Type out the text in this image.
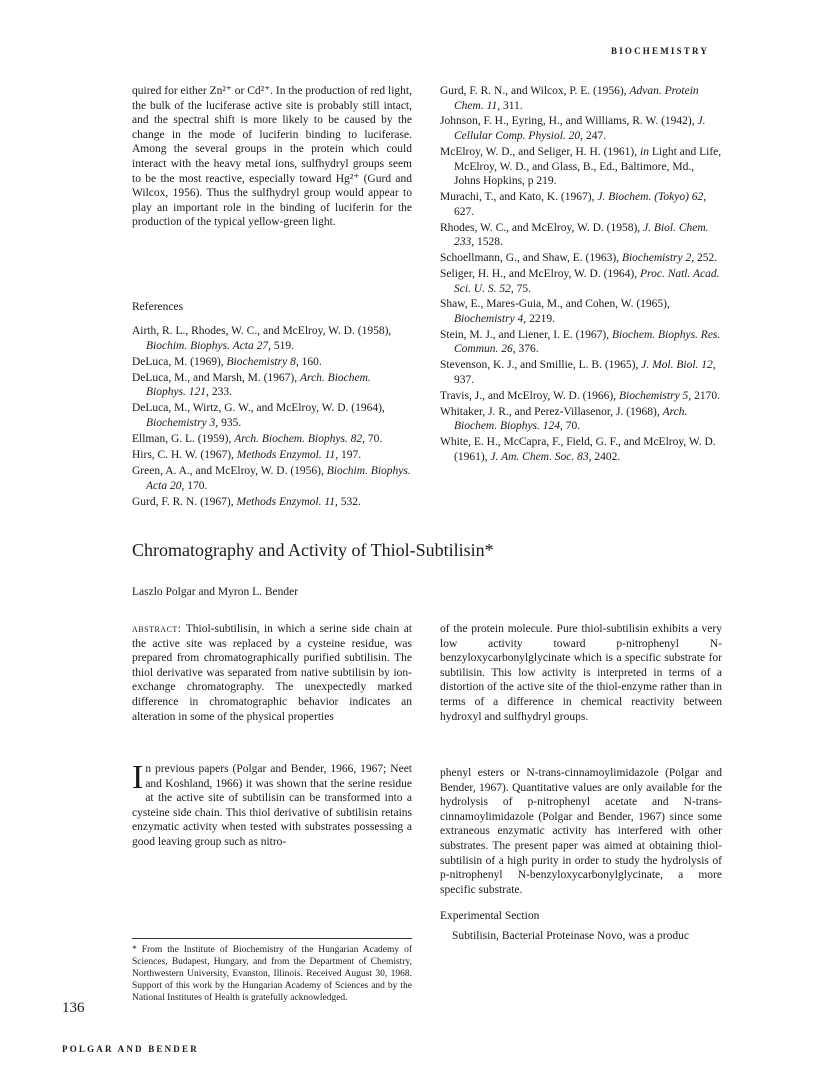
BIOCHEMISTRY
quired for either Zn²⁺ or Cd²⁺. In the production of red light, the bulk of the luciferase active site is probably still intact, and the spectral shift is more likely to be caused by the change in the mode of luciferin binding to luciferase. Among the several groups in the protein which could interact with the heavy metal ions, sulfhydryl groups seem to be the most reactive, especially toward Hg²⁺ (Gurd and Wilcox, 1956). Thus the sulfhydryl group would appear to play an important role in the binding of luciferin for the production of the typical yellow-green light.
References
Airth, R. L., Rhodes, W. C., and McElroy, W. D. (1958), Biochim. Biophys. Acta 27, 519.
DeLuca, M. (1969), Biochemistry 8, 160.
DeLuca, M., and Marsh, M. (1967), Arch. Biochem. Biophys. 121, 233.
DeLuca, M., Wirtz, G. W., and McElroy, W. D. (1964), Biochemistry 3, 935.
Ellman, G. L. (1959), Arch. Biochem. Biophys. 82, 70.
Hirs, C. H. W. (1967), Methods Enzymol. 11, 197.
Green, A. A., and McElroy, W. D. (1956), Biochim. Biophys. Acta 20, 170.
Gurd, F. R. N. (1967), Methods Enzymol. 11, 532.
Gurd, F. R. N., and Wilcox, P. E. (1956), Advan. Protein Chem. 11, 311.
Johnson, F. H., Eyring, H., and Williams, R. W. (1942), J. Cellular Comp. Physiol. 20, 247.
McElroy, W. D., and Seliger, H. H. (1961), in Light and Life, McElroy, W. D., and Glass, B., Ed., Baltimore, Md., Johns Hopkins, p 219.
Murachi, T., and Kato, K. (1967), J. Biochem. (Tokyo) 62, 627.
Rhodes, W. C., and McElroy, W. D. (1958), J. Biol. Chem. 233, 1528.
Schoellmann, G., and Shaw, E. (1963), Biochemistry 2, 252.
Seliger, H. H., and McElroy, W. D. (1964), Proc. Natl. Acad. Sci. U. S. 52, 75.
Shaw, E., Mares-Guia, M., and Cohen, W. (1965), Biochemistry 4, 2219.
Stein, M. J., and Liener, I. E. (1967), Biochem. Biophys. Res. Commun. 26, 376.
Stevenson, K. J., and Smillie, L. B. (1965), J. Mol. Biol. 12, 937.
Travis, J., and McElroy, W. D. (1966), Biochemistry 5, 2170.
Whitaker, J. R., and Perez-Villasenor, J. (1968), Arch. Biochem. Biophys. 124, 70.
White, E. H., McCapra, F., Field, G. F., and McElroy, W. D. (1961), J. Am. Chem. Soc. 83, 2402.
Chromatography and Activity of Thiol-Subtilisin*
Laszlo Polgar and Myron L. Bender
abstract: Thiol-subtilisin, in which a serine side chain at the active site was replaced by a cysteine residue, was prepared from chromatographically purified subtilisin. The thiol derivative was separated from native subtilisin by ion-exchange chromatography. The unexpectedly marked difference in chromatographic behavior indicates an alteration in some of the physical properties
of the protein molecule. Pure thiol-subtilisin exhibits a very low activity toward p-nitrophenyl N-benzyloxycarbonylglycinate which is a specific substrate for subtilisin. This low activity is interpreted in terms of a distortion of the active site of the thiol-enzyme rather than in terms of a difference in chemical reactivity between hydroxyl and sulfhydryl groups.
In previous papers (Polgar and Bender, 1966, 1967; Neet and Koshland, 1966) it was shown that the serine residue at the active site of subtilisin can be transformed into a cysteine side chain. This thiol derivative of subtilisin retains enzymatic activity when tested with substrates possessing a good leaving group such as nitro-
* From the Institute of Biochemistry of the Hungarian Academy of Sciences, Budapest, Hungary, and from the Department of Chemistry, Northwestern University, Evanston, Illinois. Received August 30, 1968. Support of this work by the Hungarian Academy of Sciences and by the National Institutes of Health is gratefully acknowledged.
phenyl esters or N-trans-cinnamoylimidazole (Polgar and Bender, 1967). Quantitative values are only available for the hydrolysis of p-nitrophenyl acetate and N-trans-cinnamoylimidazole (Polgar and Bender, 1967) since some extraneous enzymatic activity has interfered with other substrates. The present paper was aimed at obtaining thiol-subtilisin of a high purity in order to study the hydrolysis of p-nitrophenyl N-benzyloxycarbonylglycinate, a more specific substrate.
Experimental Section
Subtilisin, Bacterial Proteinase Novo, was a produc
136
POLGAR AND BENDER
